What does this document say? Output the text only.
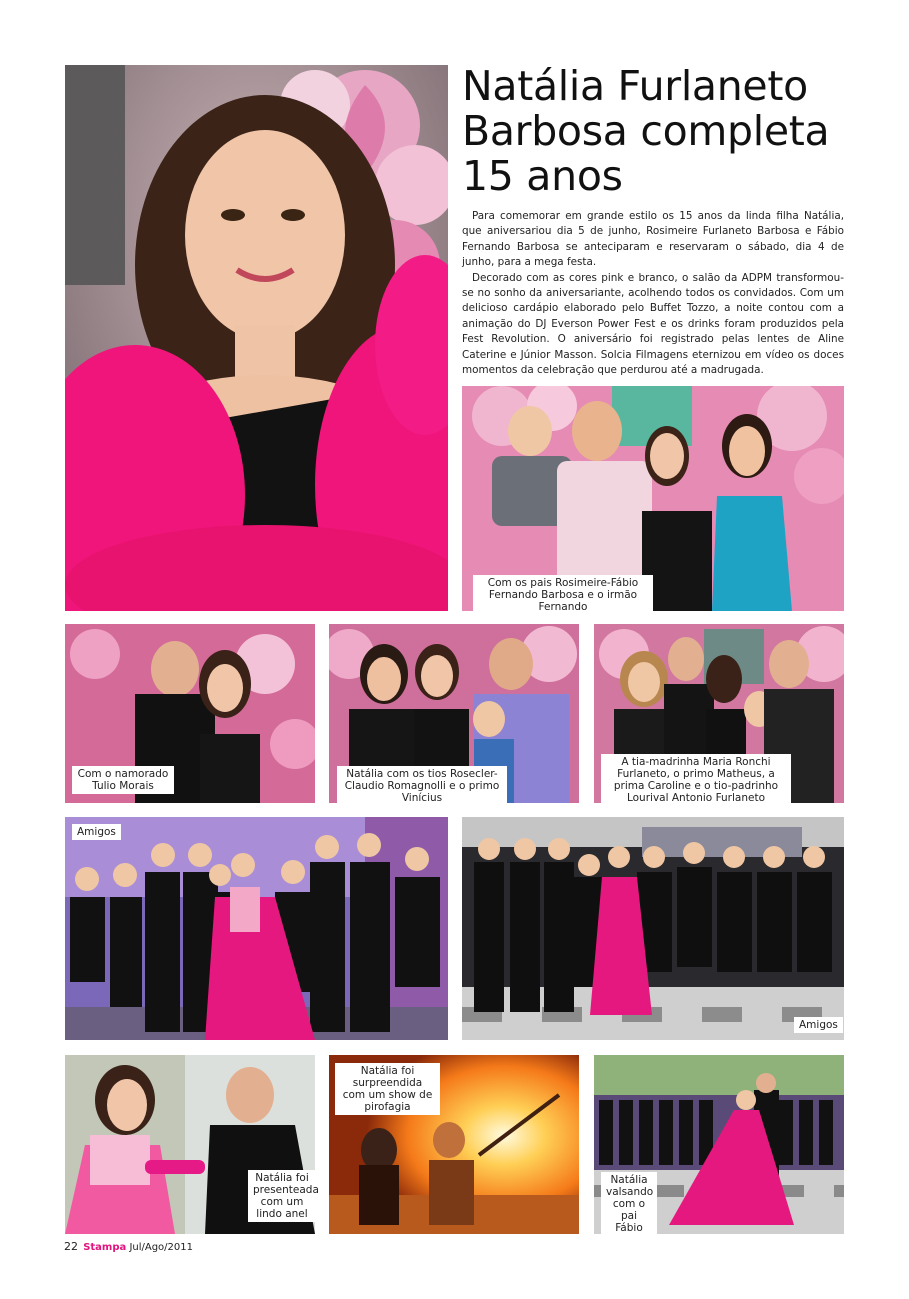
Natália Furlaneto Barbosa completa 15 anos

Para comemorar em grande estilo os 15 anos da linda filha Natália, que aniversariou dia 5 de junho, Rosimeire Furlaneto Barbosa e Fábio Fernando Barbosa se anteciparam e reservaram o sábado, dia 4 de junho, para a mega festa.

Decorado com as cores pink e branco, o salão da ADPM transformou-se no sonho da aniversariante, acolhendo todos os convidados. Com um delicioso cardápio elaborado pelo Buffet Tozzo, a noite contou com a animação do DJ Everson Power Fest e os drinks foram produzidos pela Fest Revolution. O aniversário foi registrado pelas lentes de Aline Caterine e Júnior Masson. Solcia Filmagens eternizou em vídeo os doces momentos da celebração que perdurou até a madrugada.

Com os pais Rosimeire-Fábio Fernando Barbosa e o irmão Fernando
Com o namorado Tulio Morais
Natália com os tios Rosecler-Claudio Romagnolli e o primo Vinícius
A tia-madrinha Maria Ronchi Furlaneto, o primo Matheus, a prima Caroline e o tio-padrinho Lourival Antonio Furlaneto
Amigos
Amigos
Natália foi presenteada com um lindo anel
Natália foi surpreendida com um show de pirofagia
Natália valsando com o pai Fábio
22 Stampa Jul/Ago/2011
